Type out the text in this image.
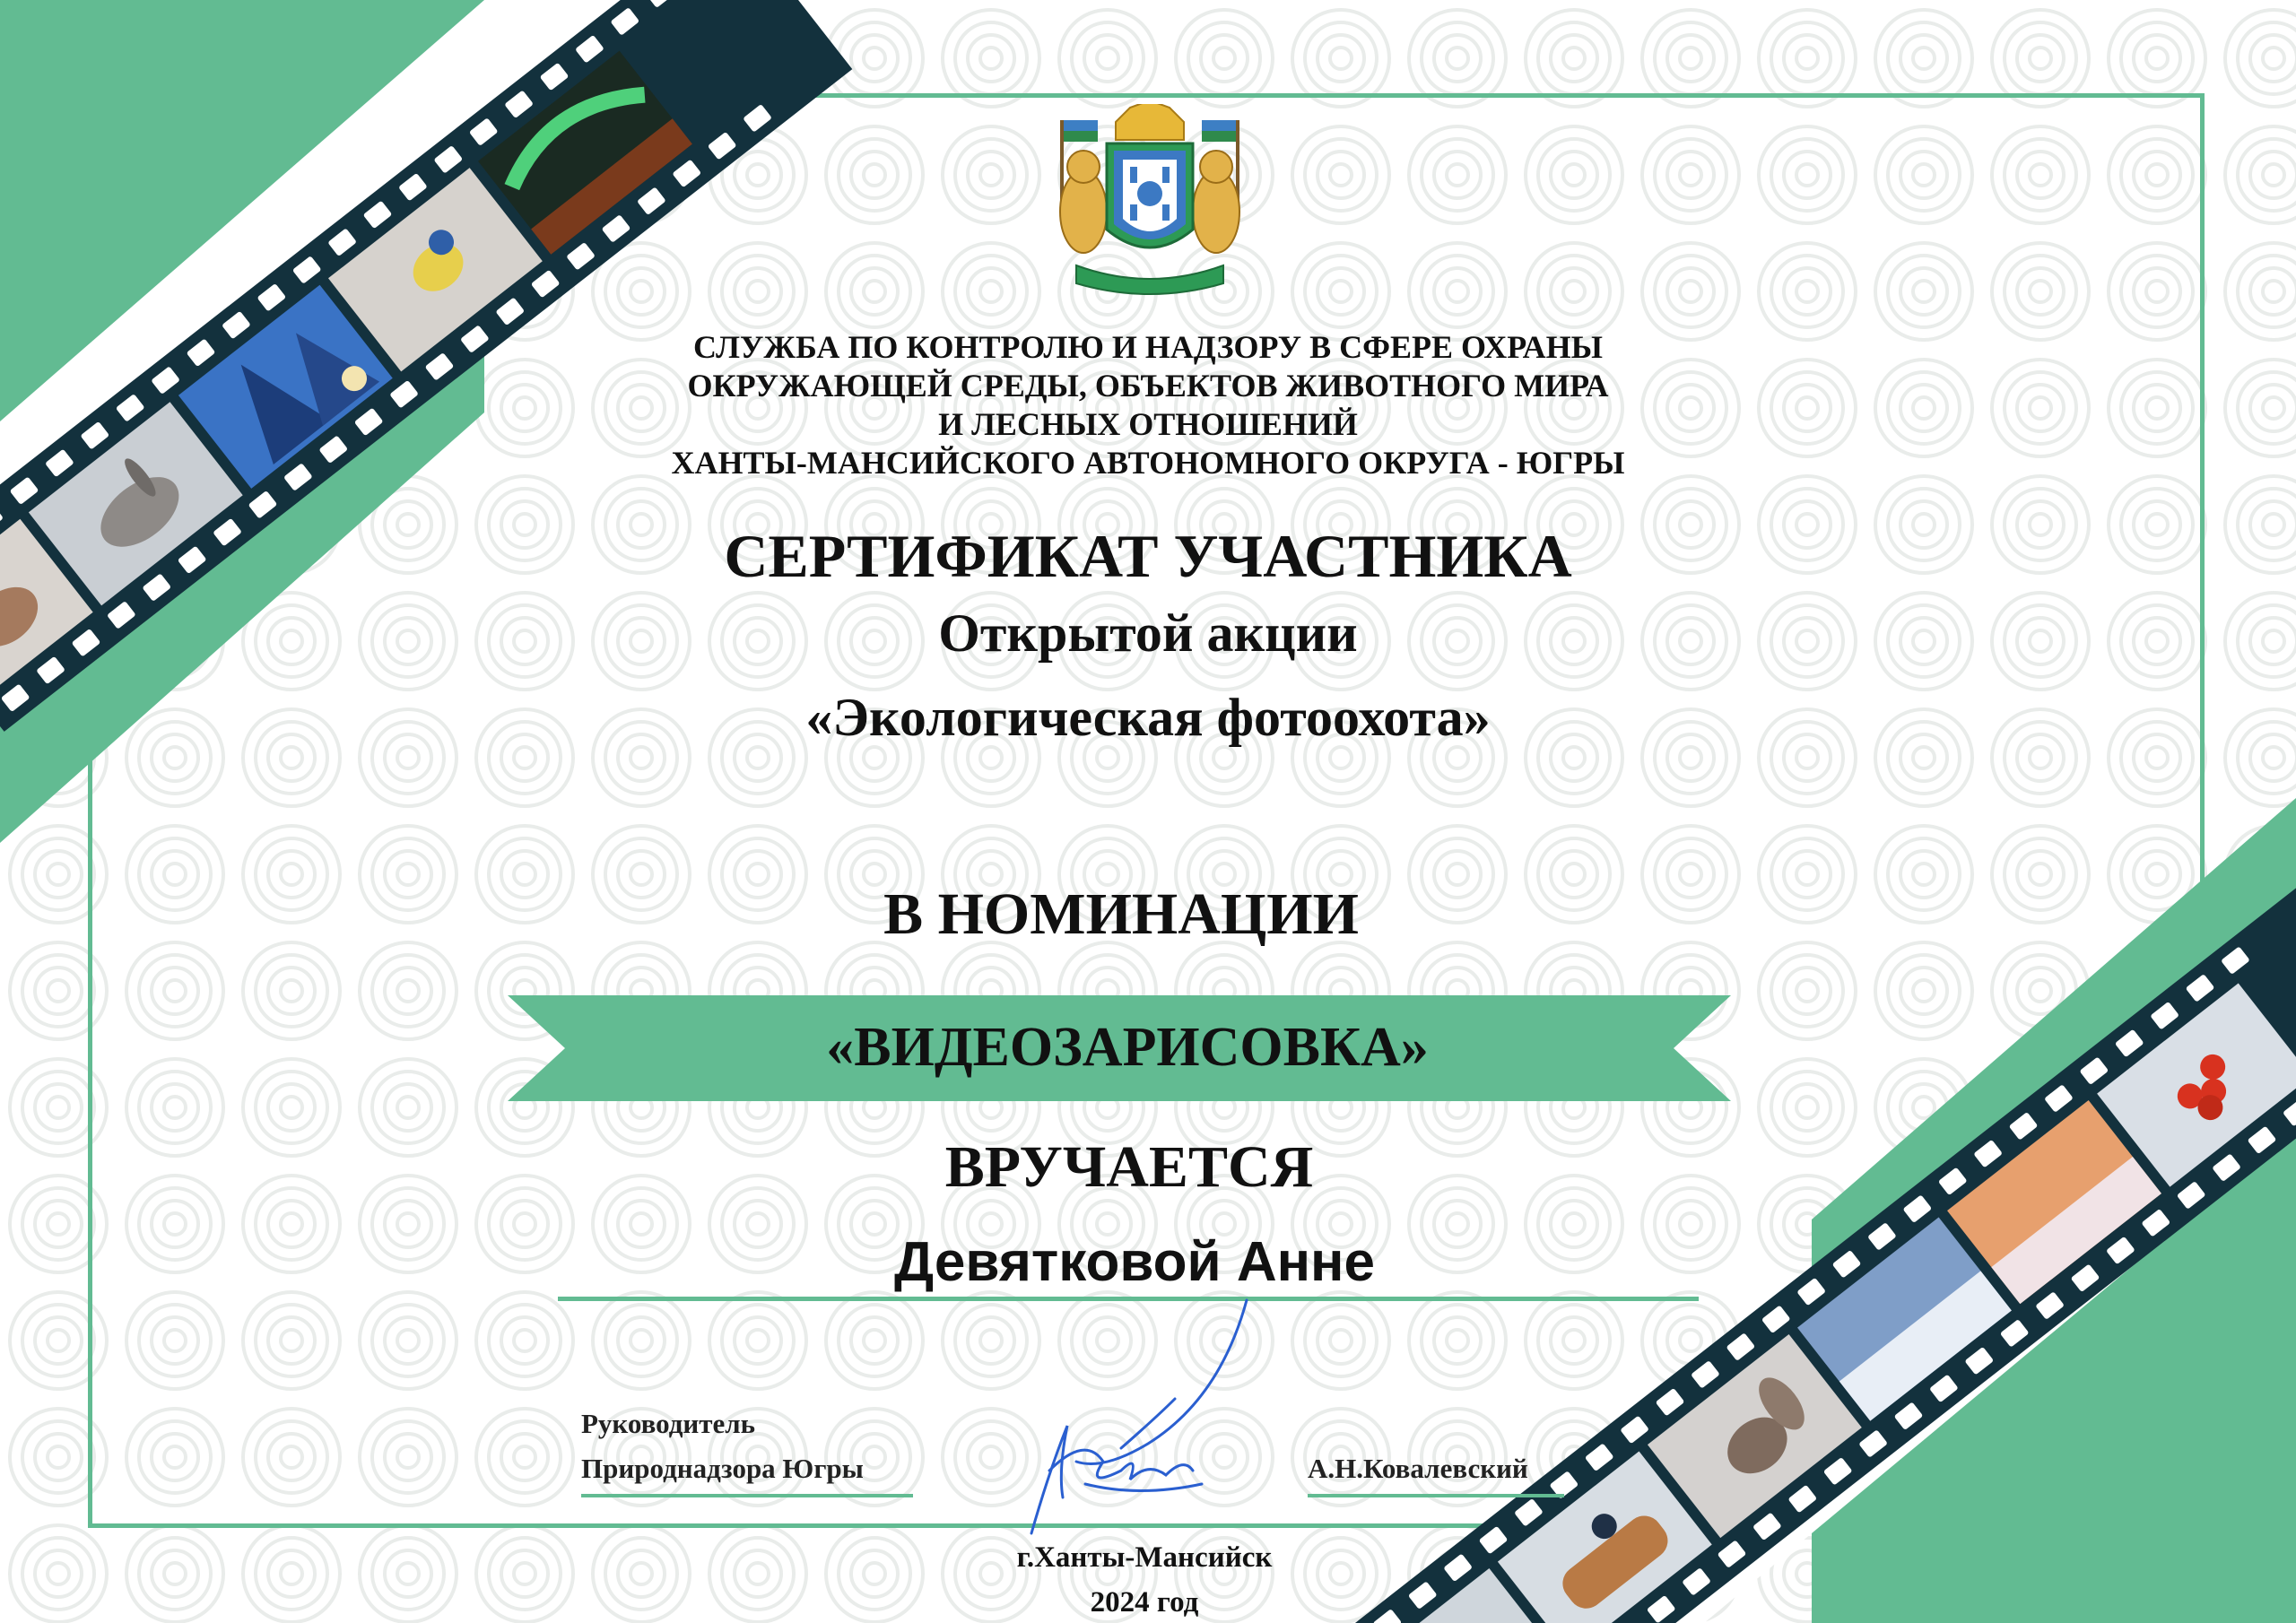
СЛУЖБА ПО КОНТРОЛЮ И НАДЗОРУ В СФЕРЕ ОХРАНЫ
ОКРУЖАЮЩЕЙ СРЕДЫ, ОБЪЕКТОВ ЖИВОТНОГО МИРА
И ЛЕСНЫХ ОТНОШЕНИЙ
ХАНТЫ-МАНСИЙСКОГО АВТОНОМНОГО ОКРУГА - ЮГРЫ
СЕРТИФИКАТ УЧАСТНИКА
Открытой акции
«Экологическая фотоохота»
В НОМИНАЦИИ
«ВИДЕОЗАРИСОВКА»
ВРУЧАЕТСЯ
Девятковой Анне
Руководитель
Природнадзора Югры	А.Н.Ковалевский
г.Ханты-Мансийск
2024 год
